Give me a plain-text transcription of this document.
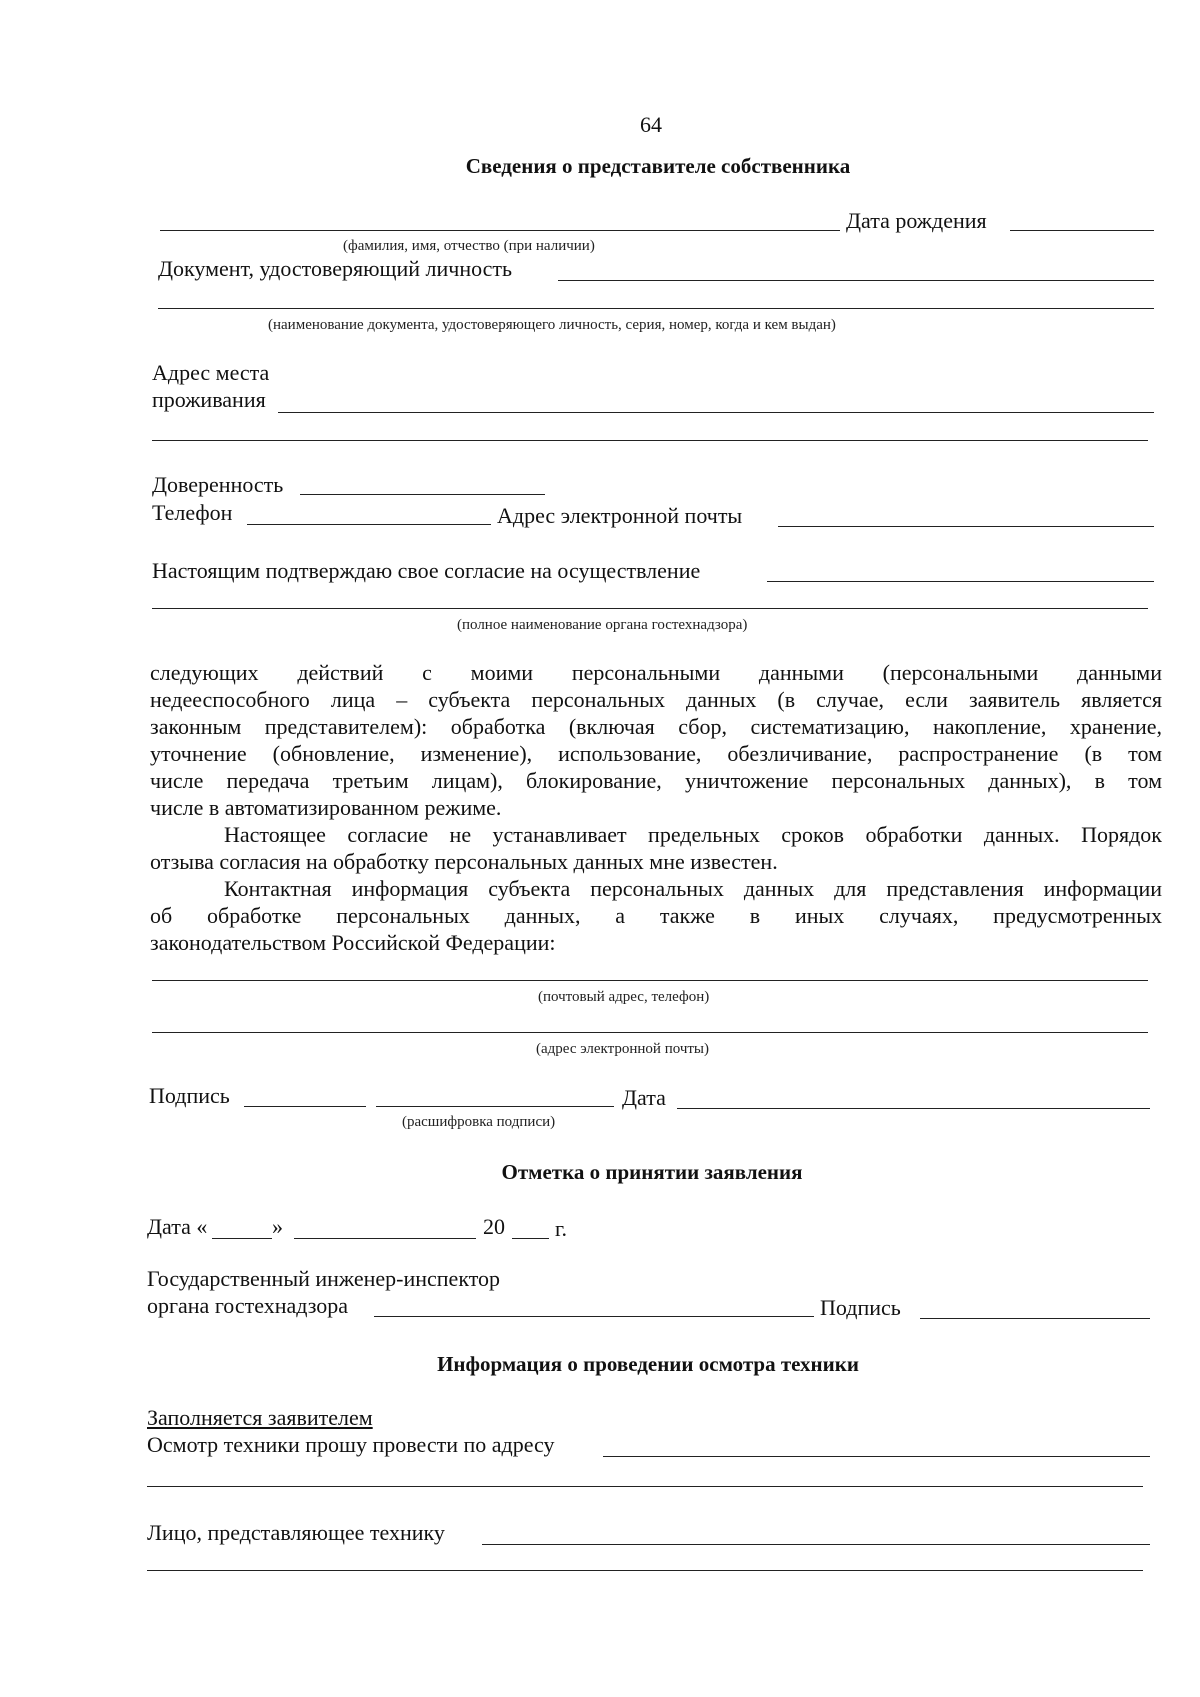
64
Сведения о представителе собственника
Дата рождения
(фамилия, имя, отчество (при наличии)
Документ, удостоверяющий личность
(наименование документа, удостоверяющего личность, серия, номер, когда и кем выдан)
Адрес места
проживания
Доверенность
Телефон	Адрес электронной почты
Настоящим подтверждаю свое согласие на осуществление
(полное наименование органа гостехнадзора)
следующих действий с моими персональными данными (персональными данными
недееспособного лица – субъекта персональных данных (в случае, если заявитель является
законным представителем): обработка (включая сбор, систематизацию, накопление, хранение,
уточнение (обновление, изменение), использование, обезличивание, распространение (в том
числе передача третьим лицам), блокирование, уничтожение персональных данных), в том
числе в автоматизированном режиме.
Настоящее согласие не устанавливает предельных сроков обработки данных. Порядок
отзыва согласия на обработку персональных данных мне известен.
Контактная информация субъекта персональных данных для представления информации
об обработке персональных данных, а также в иных случаях, предусмотренных
законодательством Российской Федерации:
(почтовый адрес, телефон)
(адрес электронной почты)
Подпись	Дата
(расшифровка подписи)
Отметка о принятии заявления
Дата «	»	20 г.
Государственный инженер-инспектор
органа гостехнадзора	Подпись
Информация о проведении осмотра техники
Заполняется заявителем
Осмотр техники прошу провести по адресу
Лицо, представляющее технику
